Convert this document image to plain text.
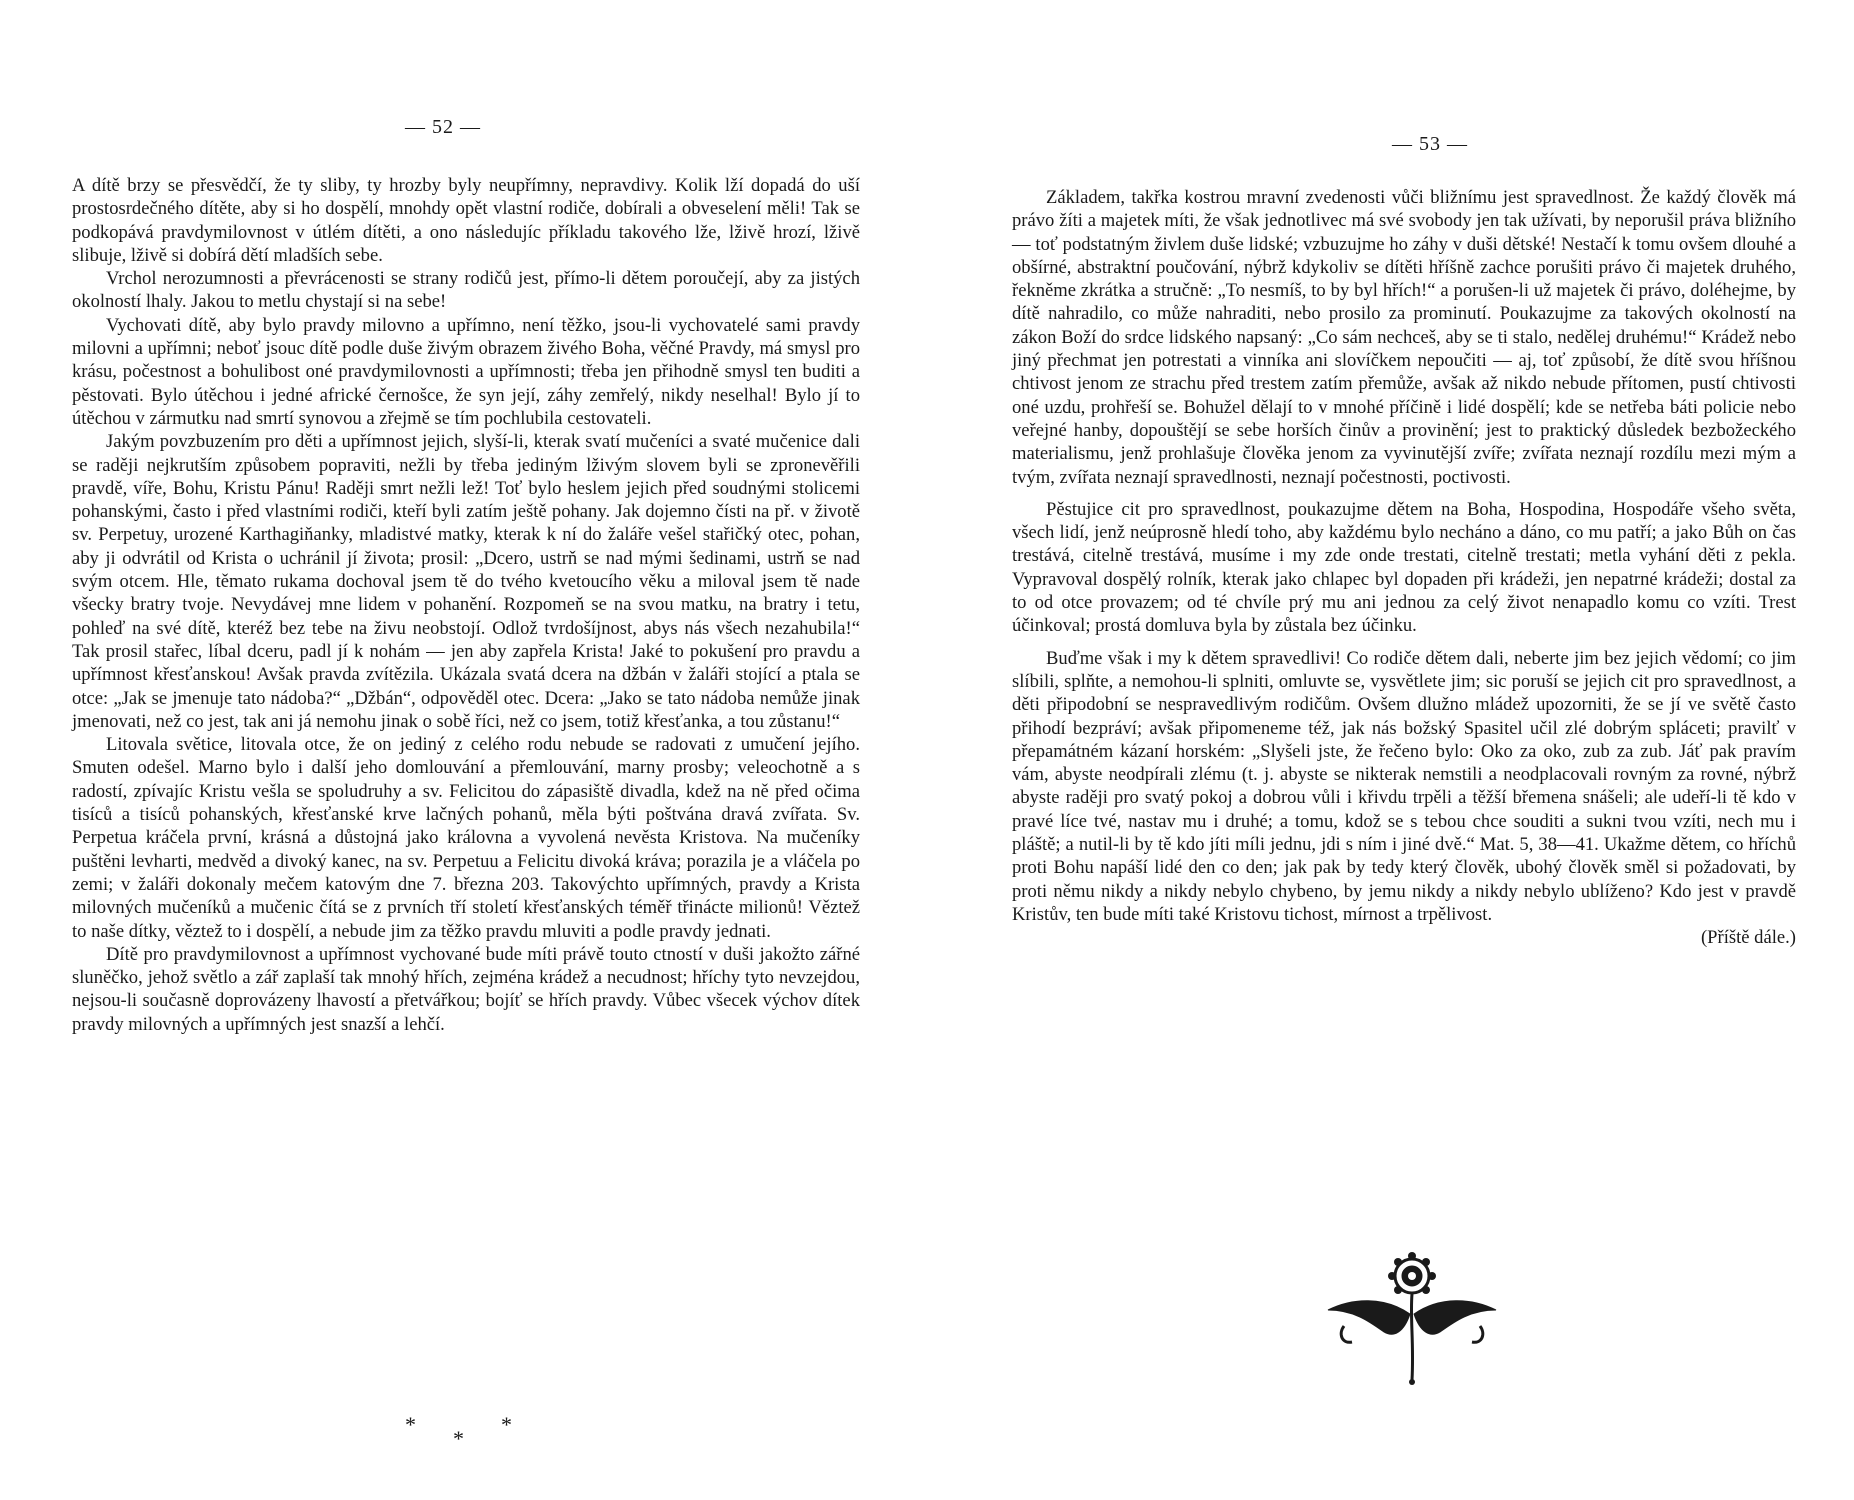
— 52 —

A dítě brzy se přesvědčí, že ty sliby, ty hrozby byly neupřímny, nepravdivy. Kolik lží dopadá do uší prostosrdečného dítěte, aby si ho dospělí, mnohdy opět vlastní rodiče, dobírali a obveselení měli! Tak se podkopává pravdymilovnost v útlém dítěti, a ono následujíc příkladu takového lže, lživě hrozí, lživě slibuje, lživě si dobírá dětí mladších sebe.

Vrchol nerozumnosti a převrácenosti se strany rodičů jest, přímo-li dětem poroučejí, aby za jistých okolností lhaly. Jakou to metlu chystají si na sebe!

Vychovati dítě, aby bylo pravdy milovno a upřímno, není těžko, jsou-li vychovatelé sami pravdy milovni a upřímni; neboť jsouc dítě podle duše živým obrazem živého Boha, věčné Pravdy, má smysl pro krásu, počestnost a bohulibost oné pravdymilovnosti a upřímnosti; třeba jen přihodně smysl ten buditi a pěstovati. Bylo útěchou i jedné africké černošce, že syn její, záhy zemřelý, nikdy neselhal! Bylo jí to útěchou v zármutku nad smrtí synovou a zřejmě se tím pochlubila cestovateli.

Jakým povzbuzením pro děti a upřímnost jejich, slyší-li, kterak svatí mučeníci a svaté mučenice dali se raději nejkrutším způsobem popraviti, nežli by třeba jediným lživým slovem byli se zpronevěřili pravdě, víře, Bohu, Kristu Pánu! Raději smrt nežli lež! Toť bylo heslem jejich před soudnými stolicemi pohanskými, často i před vlastními rodiči, kteří byli zatím ještě pohany. Jak dojemno čísti na př. v životě sv. Perpetuy, urozené Karthagiňanky, mladistvé matky, kterak k ní do žaláře vešel stařičký otec, pohan, aby ji odvrátil od Krista o uchránil jí života; prosil: „Dcero, ustrň se nad mými šedinami, ustrň se nad svým otcem. Hle, těmato rukama dochoval jsem tě do tvého kvetoucího věku a miloval jsem tě nade všecky bratry tvoje. Nevydávej mne lidem v pohanění. Rozpomeň se na svou matku, na bratry i tetu, pohleď na své dítě, kteréž bez tebe na živu neobstojí. Odlož tvrdošíjnost, abys nás všech nezahubila!“ Tak prosil stařec, líbal dceru, padl jí k nohám — jen aby zapřela Krista! Jaké to pokušení pro pravdu a upřímnost křesťanskou! Avšak pravda zvítězila. Ukázala svatá dcera na džbán v žaláři stojící a ptala se otce: „Jak se jmenuje tato nádoba?“ „Džbán“, odpověděl otec. Dcera: „Jako se tato nádoba nemůže jinak jmenovati, než co jest, tak ani já nemohu jinak o sobě říci, než co jsem, totiž křesťanka, a tou zůstanu!“

Litovala světice, litovala otce, že on jediný z celého rodu nebude se radovati z umučení jejího. Smuten odešel. Marno bylo i další jeho domlouvání a přemlouvání, marny prosby; veleochotně a s radostí, zpívajíc Kristu vešla se spoludruhy a sv. Felicitou do zápasiště divadla, kdež na ně před očima tisíců a tisíců pohanských, křesťanské krve lačných pohanů, měla býti poštvána dravá zvířata. Sv. Perpetua kráčela první, krásná a důstojná jako královna a vyvolená nevěsta Kristova. Na mučeníky puštěni levharti, medvěd a divoký kanec, na sv. Perpetuu a Felicitu divoká kráva; porazila je a vláčela po zemi; v žaláři dokonaly mečem katovým dne 7. března 203. Takovýchto upřímných, pravdy a Krista milovných mučeníků a mučenic čítá se z prvních tří století křesťanských téměř třinácte milionů! Věztež to naše dítky, věztež to i dospělí, a nebude jim za těžko pravdu mluviti a podle pravdy jednati.

Dítě pro pravdymilovnost a upřímnost vychované bude míti právě touto ctností v duši jakožto zářné sluněčko, jehož světlo a zář zaplaší tak mnohý hřích, zejména krádež a necudnost; hříchy tyto nevzejdou, nejsou-li současně doprovázeny lhavostí a přetvářkou; bojíť se hřích pravdy. Vůbec všecek výchov dítek pravdy milovných a upřímných jest snazší a lehčí.

*
*
*
— 53 —

Základem, takřka kostrou mravní zvedenosti vůči bližnímu jest spravedlnost. Že každý člověk má právo žíti a majetek míti, že však jednotlivec má své svobody jen tak užívati, by neporušil práva bližního — toť podstatným živlem duše lidské; vzbuzujme ho záhy v duši dětské! Nestačí k tomu ovšem dlouhé a obšírné, abstraktní poučování, nýbrž kdykoliv se dítěti hříšně zachce porušiti právo či majetek druhého, řekněme zkrátka a stručně: „To nesmíš, to by byl hřích!“ a porušen-li už majetek či právo, doléhejme, by dítě nahradilo, co může nahraditi, nebo prosilo za prominutí. Poukazujme za takových okolností na zákon Boží do srdce lidského napsaný: „Co sám nechceš, aby se ti stalo, nedělej druhému!“ Krádež nebo jiný přechmat jen potrestati a vinníka ani slovíčkem nepoučiti — aj, toť způsobí, že dítě svou hříšnou chtivost jenom ze strachu před trestem zatím přemůže, avšak až nikdo nebude přítomen, pustí chtivosti oné uzdu, prohřeší se. Bohužel dělají to v mnohé příčině i lidé dospělí; kde se netřeba báti policie nebo veřejné hanby, dopouštějí se sebe horších činův a provinění; jest to praktický důsledek bezbožeckého materialismu, jenž prohlašuje člověka jenom za vyvinutější zvíře; zvířata neznají rozdílu mezi mým a tvým, zvířata neznají spravedlnosti, neznají počestnosti, poctivosti.

Pěstujice cit pro spravedlnost, poukazujme dětem na Boha, Hospodina, Hospodáře všeho světa, všech lidí, jenž neúprosně hledí toho, aby každému bylo necháno a dáno, co mu patří; a jako Bůh on čas trestává, citelně trestává, musíme i my zde onde trestati, citelně trestati; metla vyhání děti z pekla. Vypravoval dospělý rolník, kterak jako chlapec byl dopaden při krádeži, jen nepatrné krádeži; dostal za to od otce provazem; od té chvíle prý mu ani jednou za celý život nenapadlo komu co vzíti. Trest účinkoval; prostá domluva byla by zůstala bez účinku.

Buďme však i my k dětem spravedlivi! Co rodiče dětem dali, neberte jim bez jejich vědomí; co jim slíbili, splňte, a nemohou-li splniti, omluvte se, vysvětlete jim; sic poruší se jejich cit pro spravedlnost, a děti připodobní se nespravedlivým rodičům. Ovšem dlužno mládež upozorniti, že se jí ve světě často přihodí bezpráví; avšak připomeneme též, jak nás božský Spasitel učil zlé dobrým spláceti; pravilť v přepamátném kázaní horském: „Slyšeli jste, že řečeno bylo: Oko za oko, zub za zub. Jáť pak pravím vám, abyste neodpírali zlému (t. j. abyste se nikterak nemstili a neodplacovali rovným za rovné, nýbrž abyste raději pro svatý pokoj a dobrou vůli i křivdu trpěli a těžší břemena snášeli; ale udeří-li tě kdo v pravé líce tvé, nastav mu i druhé; a tomu, kdož se s tebou chce souditi a sukni tvou vzíti, nech mu i pláště; a nutil-li by tě kdo jíti míli jednu, jdi s ním i jiné dvě.“ Mat. 5, 38—41. Ukažme dětem, co hříchů proti Bohu napáší lidé den co den; jak pak by tedy který člověk, ubohý člověk směl si požadovati, by proti němu nikdy a nikdy nebylo chybeno, by jemu nikdy a nikdy nebylo ublíženo? Kdo jest v pravdě Kristův, ten bude míti také Kristovu tichost, mírnost a trpělivost.

(Příště dále.)
